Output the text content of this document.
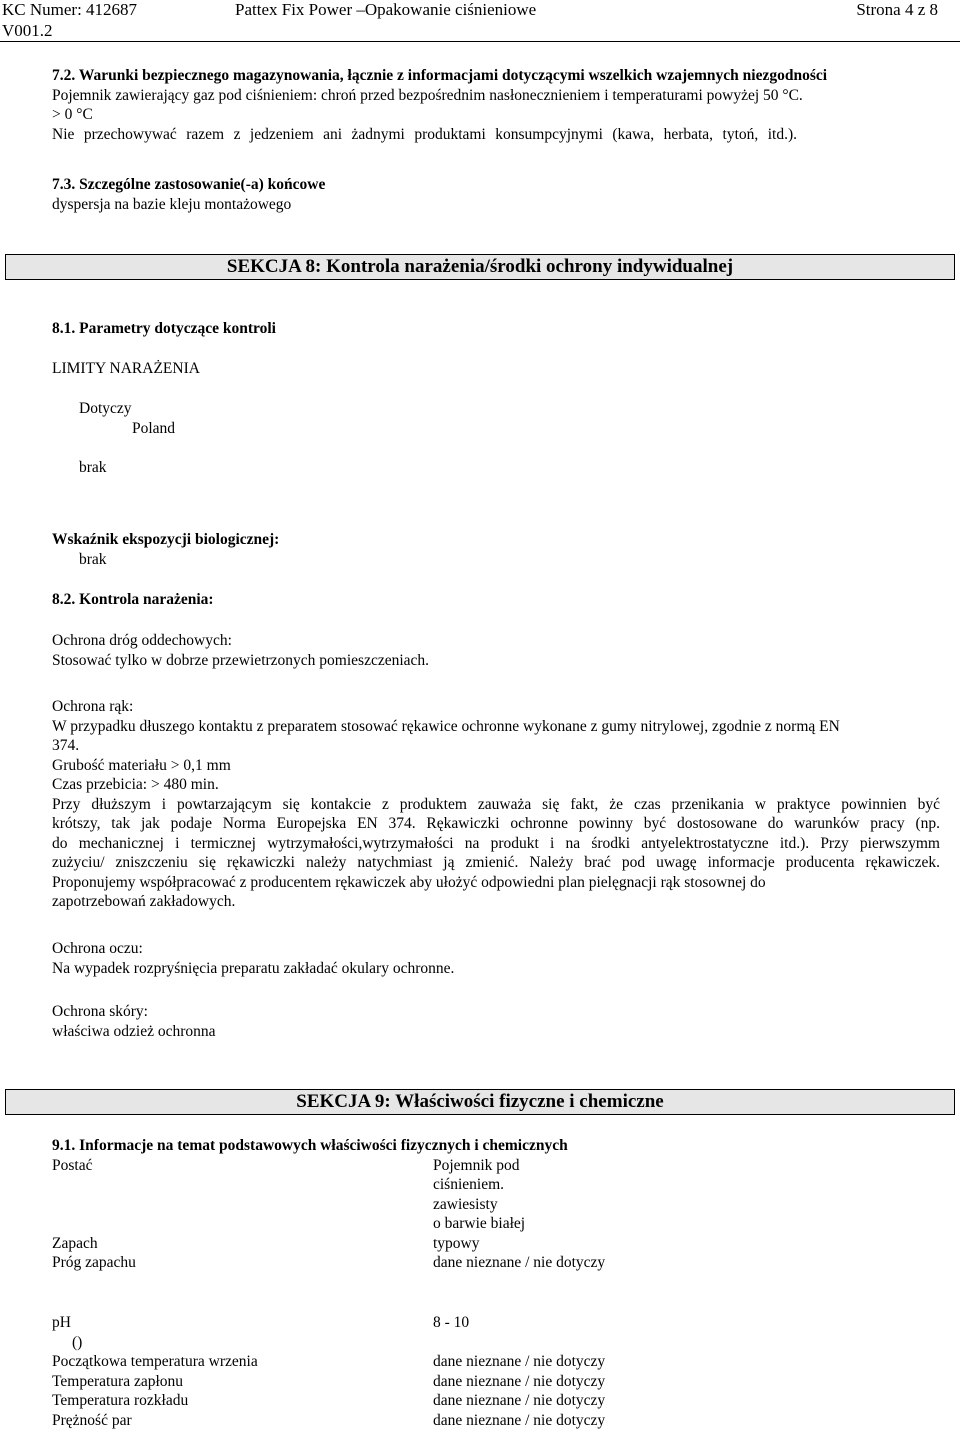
KC Numer: 412687
V001.2
Pattex Fix Power –Opakowanie ciśnieniowe	Strona 4 z 8
7.2. Warunki bezpiecznego magazynowania, łącznie z informacjami dotyczącymi wszelkich wzajemnych niezgodności
Pojemnik zawierający gaz pod ciśnieniem: chroń przed bezpośrednim nasłonecznieniem i temperaturami powyżej 50 °C.
> 0 °C
Nie przechowywać razem z jedzeniem ani żadnymi produktami konsumpcyjnymi (kawa, herbata, tytoń, itd.).
7.3. Szczególne zastosowanie(-a) końcowe
dyspersja na bazie kleju montażowego
SEKCJA 8: Kontrola narażenia/środki ochrony indywidualnej
8.1. Parametry dotyczące kontroli
LIMITY NARAŻENIA
Dotyczy
Poland
brak
Wskaźnik ekspozycji biologicznej:
brak
8.2. Kontrola narażenia:
Ochrona dróg oddechowych:
Stosować tylko w dobrze przewietrzonych pomieszczeniach.
Ochrona rąk:
W przypadku dłuszego kontaktu z preparatem stosować rękawice ochronne wykonane z gumy nitrylowej, zgodnie z normą EN
374.
Grubość materiału > 0,1 mm
Czas przebicia: > 480 min.
Przy dłuższym i powtarzającym się kontakcie z produktem zauważa się fakt, że czas przenikania w praktyce powinnien być
krótszy, tak jak podaje Norma Europejska EN 374. Rękawiczki ochronne powinny być dostosowane do warunków pracy (np.
do mechanicznej i termicznej wytrzymałości,wytrzymałości na produkt i na środki antyelektrostatyczne itd.). Przy pierwszymm
zużyciu/ zniszczeniu się rękawiczki należy natychmiast ją zmienić. Należy brać pod uwagę informacje producenta rękawiczek.
Proponujemy współpracować z producentem rękawiczek aby ułożyć odpowiedni plan pielęgnacji rąk stosownej do
zapotrzebowań zakładowych.
Ochrona oczu:
Na wypadek rozpryśnięcia preparatu zakładać okulary ochronne.
Ochrona skóry:
właściwa odzież ochronna
SEKCJA 9: Właściwości fizyczne i chemiczne
9.1. Informacje na temat podstawowych właściwości fizycznych i chemicznych
Postać	Pojemnik pod
ciśnieniem.
zawiesisty
o barwie białej
Zapach	typowy
Próg zapachu	dane nieznane / nie dotyczy
pH	8 - 10
()
Początkowa temperatura wrzenia	dane nieznane / nie dotyczy
Temperatura zapłonu	dane nieznane / nie dotyczy
Temperatura rozkładu	dane nieznane / nie dotyczy
Prężność par	dane nieznane / nie dotyczy
